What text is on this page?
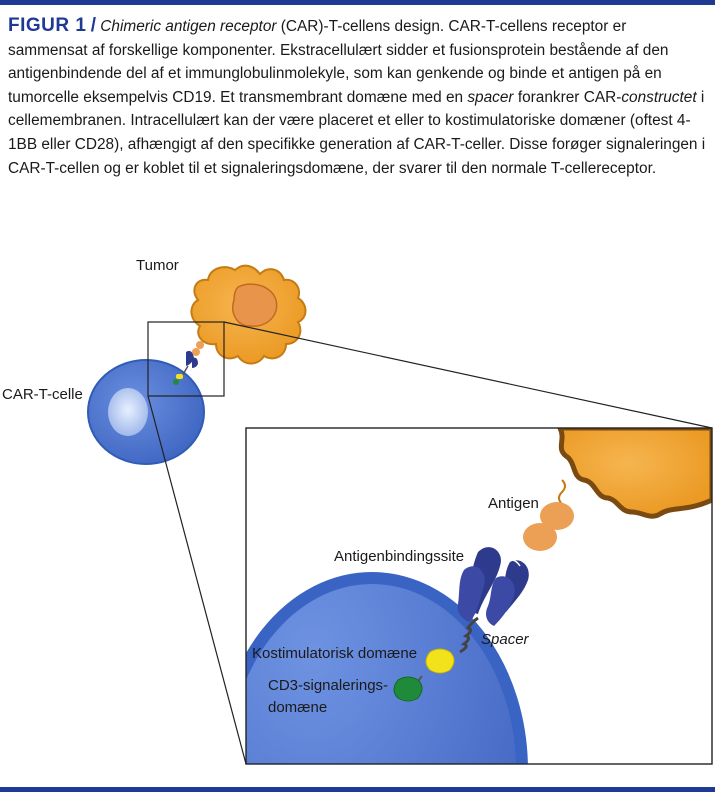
FIGUR 1 / Chimeric antigen receptor (CAR)-T-cellens design. CAR-T-cellens receptor er sammensat af forskellige komponenter. Ekstracellulært sidder et fusionsprotein bestående af den antigenbindende del af et immunglobulinmolekyle, som kan genkende og binde et antigen på en tumorcelle eksempelvis CD19. Et transmembrant domæne med en spacer forankrer CAR-constructet i cellemembranen. Intracellulært kan der være placeret et eller to kostimulatoriske domæner (oftest 4-1BB eller CD28), afhængigt af den specifikke generation af CAR-T-celler. Disse forøger signaleringen i CAR-T-cellen og er koblet til et signaleringsdomæne, der svarer til den normale T-cellereceptor.
Tumor
CAR-T-celle
Antigen
Antigenbindingssite
Spacer
Kostimulatorisk domæne
CD3-signalerings-
domæne
